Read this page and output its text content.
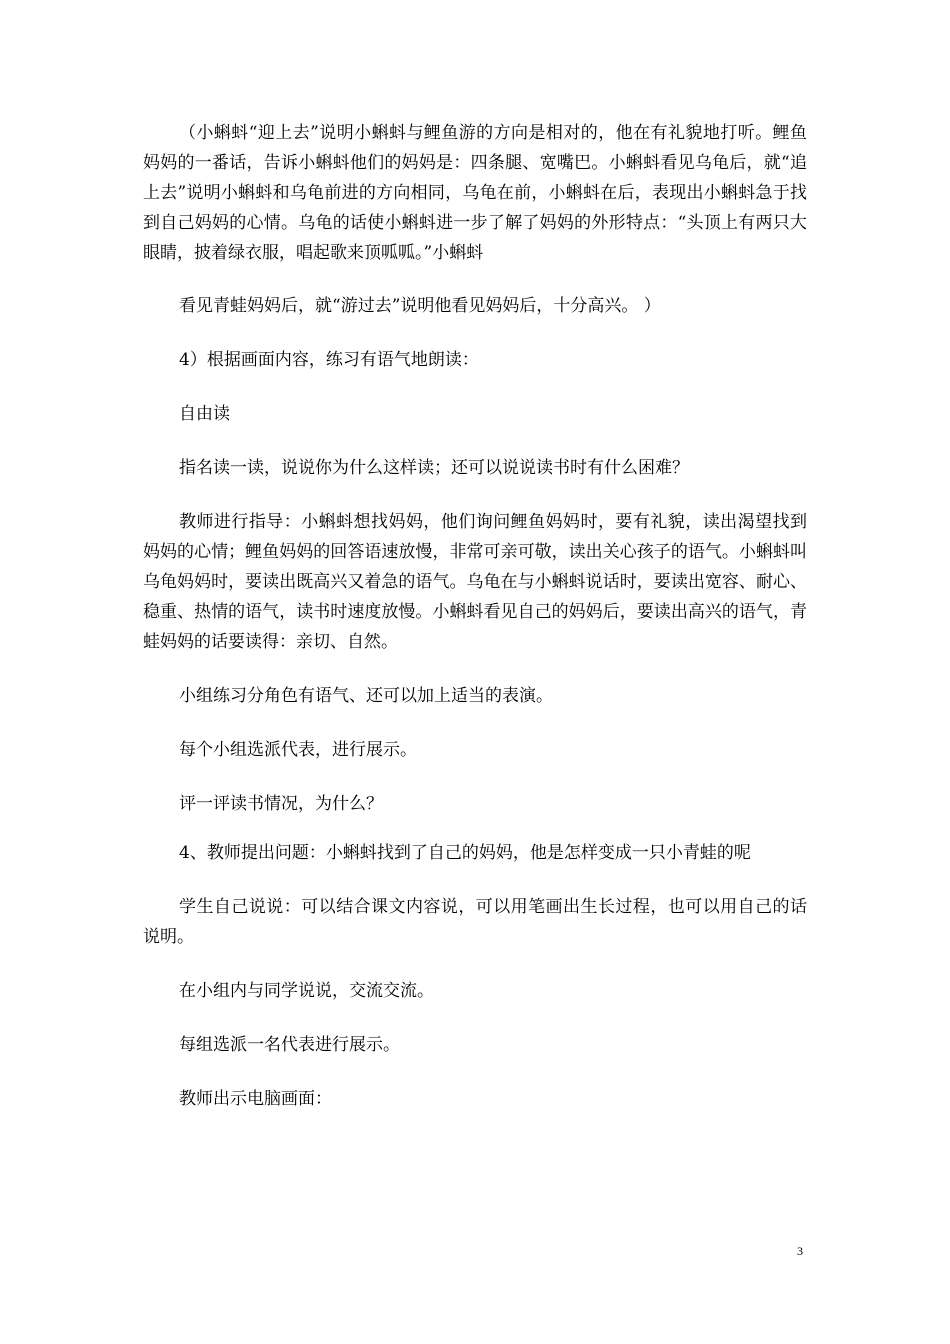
（小蝌蚪“迎上去”说明小蝌蚪与鲤鱼游的方向是相对的，他在有礼貌地打听。鲤鱼妈妈的一番话，告诉小蝌蚪他们的妈妈是：四条腿、宽嘴巴。小蝌蚪看见乌龟后，就“追上去”说明小蝌蚪和乌龟前进的方向相同，乌龟在前，小蝌蚪在后，表现出小蝌蚪急于找到自己妈妈的心情。乌龟的话使小蝌蚪进一步了解了妈妈的外形特点：“头顶上有两只大眼睛，披着绿衣服，唱起歌来顶呱呱。”小蝌蚪

看见青蛙妈妈后，就“游过去”说明他看见妈妈后，十分高兴。 ）

4）根据画面内容，练习有语气地朗读：

自由读

指名读一读，说说你为什么这样读；还可以说说读书时有什么困难？

教师进行指导：小蝌蚪想找妈妈，他们询问鲤鱼妈妈时，要有礼貌，读出渴望找到妈妈的心情；鲤鱼妈妈的回答语速放慢，非常可亲可敬，读出关心孩子的语气。小蝌蚪叫乌龟妈妈时，要读出既高兴又着急的语气。乌龟在与小蝌蚪说话时，要读出宽容、耐心、稳重、热情的语气，读书时速度放慢。小蝌蚪看见自己的妈妈后，要读出高兴的语气，青蛙妈妈的话要读得：亲切、自然。

小组练习分角色有语气、还可以加上适当的表演。

每个小组选派代表，进行展示。

评一评读书情况，为什么？

4、教师提出问题：小蝌蚪找到了自己的妈妈，他是怎样变成一只小青蛙的呢

学生自己说说：可以结合课文内容说，可以用笔画出生长过程，也可以用自己的话说明。

在小组内与同学说说，交流交流。

每组选派一名代表进行展示。

教师出示电脑画面：

3
